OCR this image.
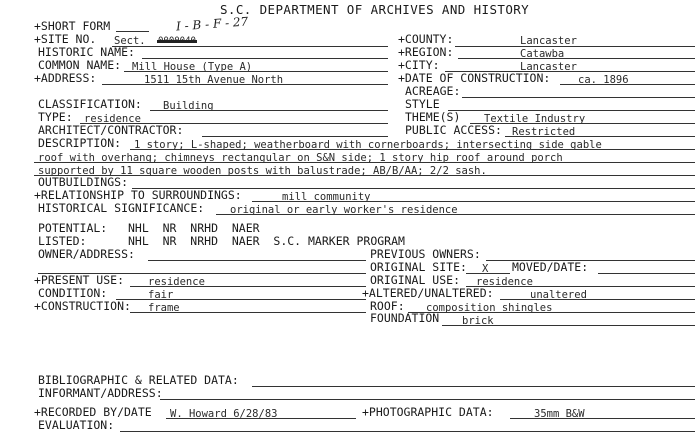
S.C. DEPARTMENT OF ARCHIVES AND HISTORY
+SHORT FORM	I - B - F - 27
+SITE NO. Sect. 0000040	+COUNTY:	Lancaster
HISTORIC NAME:	+REGION:	Catawba
COMMON NAME: Mill House (Type A)	+CITY:	Lancaster
+ADDRESS:	1511 15th Avenue North	+DATE OF CONSTRUCTION:	ca. 1896
ACREAGE:
CLASSIFICATION: Building	STYLE
TYPE: residence	THEME(S) Textile Industry
ARCHITECT/CONTRACTOR:	PUBLIC ACCESS: Restricted
DESCRIPTION: 1 story; L-shaped; weatherboard with cornerboards; intersecting side gable
roof with overhang; chimneys rectangular on S&N side; 1 story hip roof around porch
supported by 11 square wooden posts with balustrade; AB/B/AA; 2/2 sash.
OUTBUILDINGS:
+RELATIONSHIP TO SURROUNDINGS:	mill community
HISTORICAL SIGNIFICANCE: original or early worker's residence
POTENTIAL: NHL  NR  NRHD  NAER
LISTED:	NHL  NR  NRHD  NAER  S.C. MARKER PROGRAM
OWNER/ADDRESS:	PREVIOUS OWNERS:
ORIGINAL SITE: X MOVED/DATE:
+PRESENT USE: residence	ORIGINAL USE: residence
CONDITION:	fair	+ALTERED/UNALTERED:	unaltered
+CONSTRUCTION: frame	ROOF: composition shingles
FOUNDATION brick
BIBLIOGRAPHIC & RELATED DATA:
INFORMANT/ADDRESS:
+RECORDED BY/DATE W. Howard 6/28/83	+PHOTOGRAPHIC DATA:	35mm B&W
EVALUATION:
